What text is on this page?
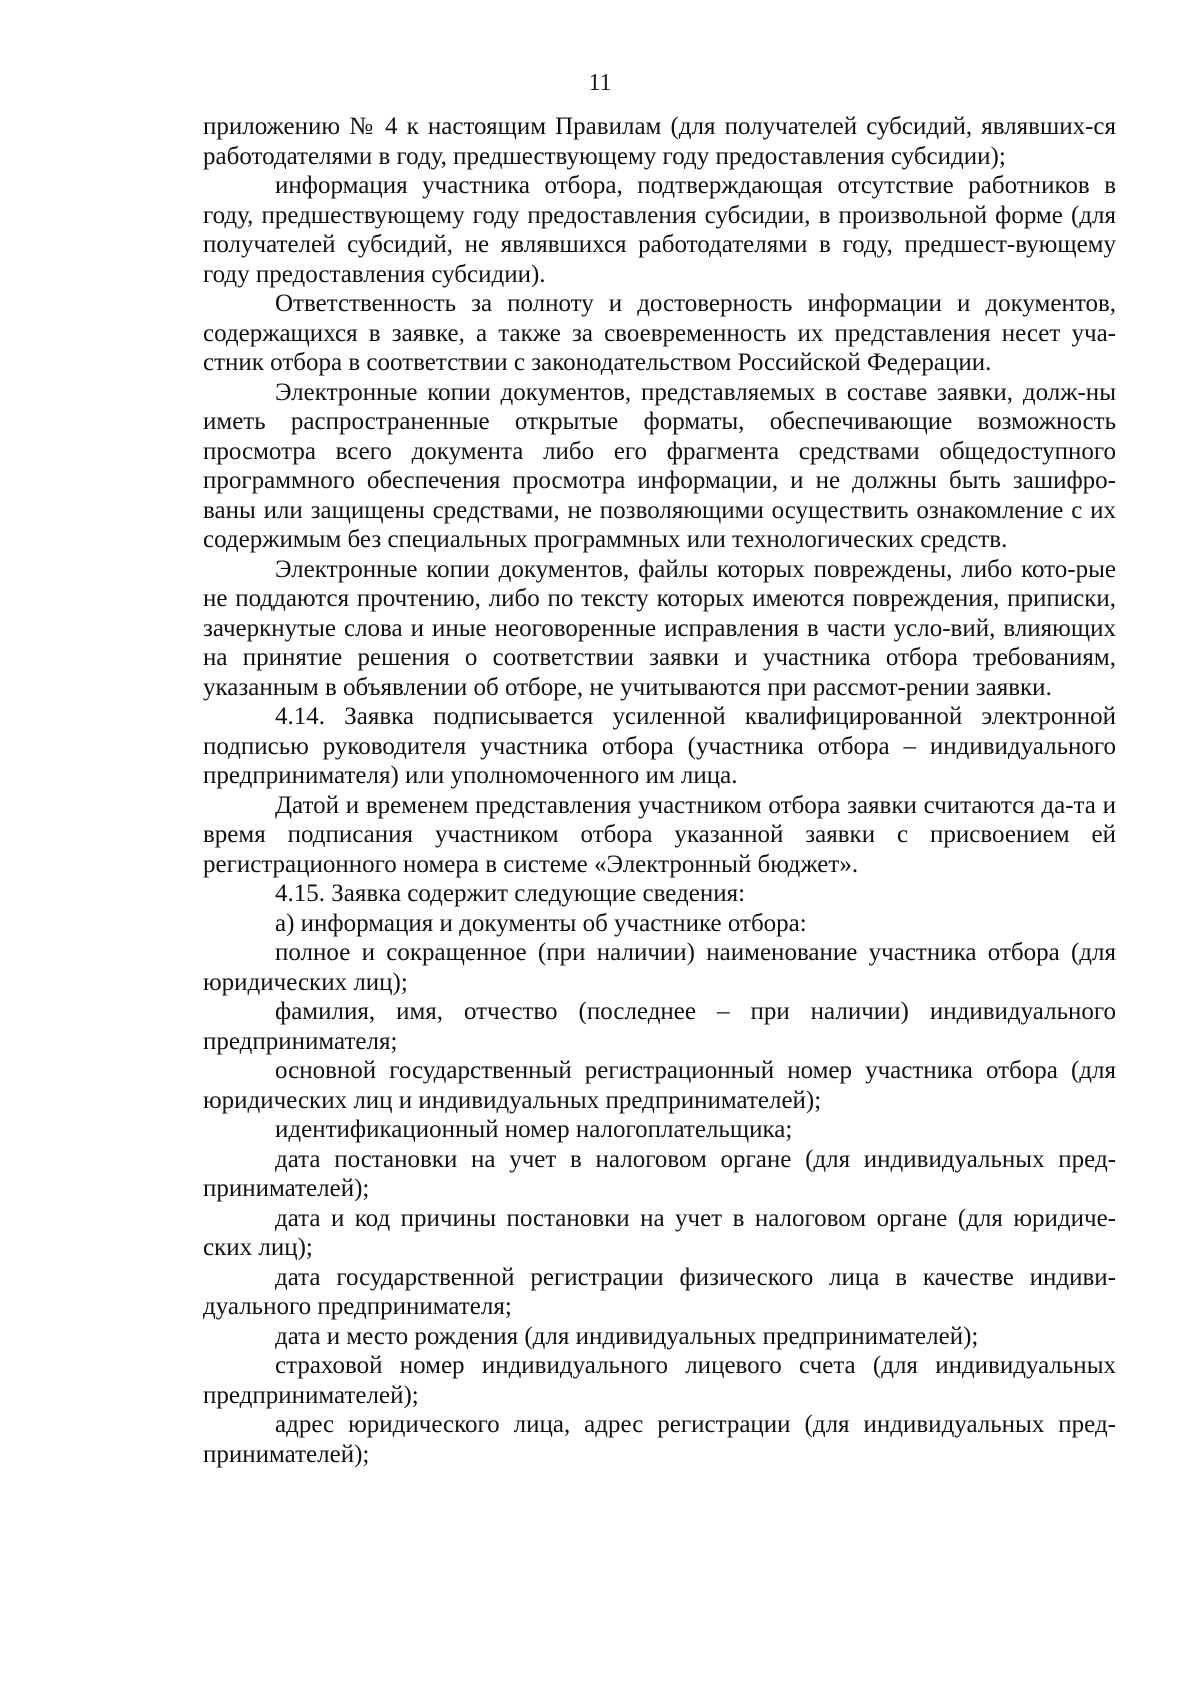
11

приложению № 4 к настоящим Правилам (для получателей субсидий, являвших-ся работодателями в году, предшествующему году предоставления субсидии);

информация участника отбора, подтверждающая отсутствие работников в году, предшествующему году предоставления субсидии, в произвольной форме (для получателей субсидий, не являвшихся работодателями в году, предшест-вующему году предоставления субсидии).

Ответственность за полноту и достоверность информации и документов, содержащихся в заявке, а также за своевременность их представления несет уча-стник отбора в соответствии с законодательством Российской Федерации.

Электронные копии документов, представляемых в составе заявки, долж-ны иметь распространенные открытые форматы, обеспечивающие возможность просмотра всего документа либо его фрагмента средствами общедоступного программного обеспечения просмотра информации, и не должны быть зашифро-ваны или защищены средствами, не позволяющими осуществить ознакомление с их содержимым без специальных программных или технологических средств.

Электронные копии документов, файлы которых повреждены, либо кото-рые не поддаются прочтению, либо по тексту которых имеются повреждения, приписки, зачеркнутые слова и иные неоговоренные исправления в части усло-вий, влияющих на принятие решения о соответствии заявки и участника отбора требованиям, указанным в объявлении об отборе, не учитываются при рассмот-рении заявки.

4.14. Заявка подписывается усиленной квалифицированной электронной подписью руководителя участника отбора (участника отбора – индивидуального предпринимателя) или уполномоченного им лица.

Датой и временем представления участником отбора заявки считаются да-та и время подписания участником отбора указанной заявки с присвоением ей регистрационного номера в системе «Электронный бюджет».

4.15. Заявка содержит следующие сведения:

а) информация и документы об участнике отбора:

полное и сокращенное (при наличии) наименование участника отбора (для юридических лиц);

фамилия, имя, отчество (последнее – при наличии) индивидуального предпринимателя;

основной государственный регистрационный номер участника отбора (для юридических лиц и индивидуальных предпринимателей);

идентификационный номер налогоплательщика;

дата постановки на учет в налоговом органе (для индивидуальных пред-принимателей);

дата и код причины постановки на учет в налоговом органе (для юридиче-ских лиц);

дата государственной регистрации физического лица в качестве индиви-дуального предпринимателя;

дата и место рождения (для индивидуальных предпринимателей);

страховой номер индивидуального лицевого счета (для индивидуальных предпринимателей);

адрес юридического лица, адрес регистрации (для индивидуальных пред-принимателей);
